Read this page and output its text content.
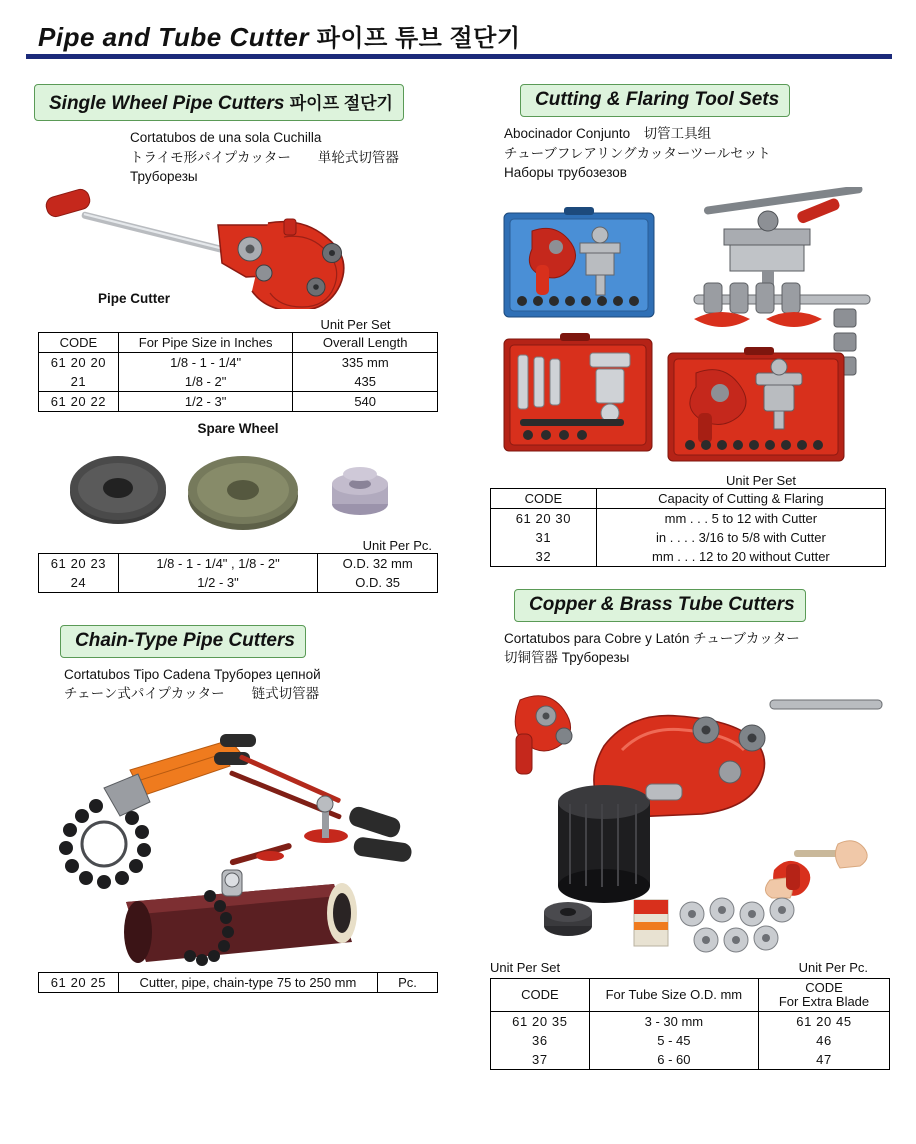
Pipe and Tube Cutter 파이프 튜브 절단기
Single Wheel Pipe Cutters 파이프 절단기
Cortatubos de una sola Cuchilla
トライモ形パイプカッター　　単轮式切管器
Труборезы
Pipe Cutter
Unit Per Set
CODE	For Pipe Size in Inches	Overall Length
61 20 20	1/8 - 1 - 1/4"	335 mm
21	1/8 - 2"	435
61 20 22	1/2 - 3"	540
Spare Wheel
Unit Per Pc.
61 20 23	1/8 - 1 - 1/4" , 1/8 - 2"	O.D. 32 mm
24	1/2 - 3"	O.D. 35
Chain-Type Pipe Cutters
Cortatubos Tipo Cadena Труборез цепной
チェーン式パイプカッター　　链式切管器
61 20 25	Cutter, pipe, chain-type 75 to 250 mm	Pc.
Cutting & Flaring Tool Sets
Abocinador Conjunto　切管工具组
チューブフレアリングカッターツールセット
Наборы трубозезов
Unit Per Set
CODE	Capacity of Cutting & Flaring
61 20 30	mm . . . 5 to 12 with Cutter
31	in . . . . 3/16 to 5/8 with Cutter
32	mm . . . 12 to 20 without Cutter
Copper & Brass Tube Cutters
Cortatubos para Cobre y Latón チューブカッター
切铜管器 Труборезы
Unit Per Set	Unit Per Pc.
CODE	For Tube Size O.D. mm	CODE
For Extra Blade

61 20 35	3 - 30 mm	61 20 45
36	5 - 45	46
37	6 - 60	47
